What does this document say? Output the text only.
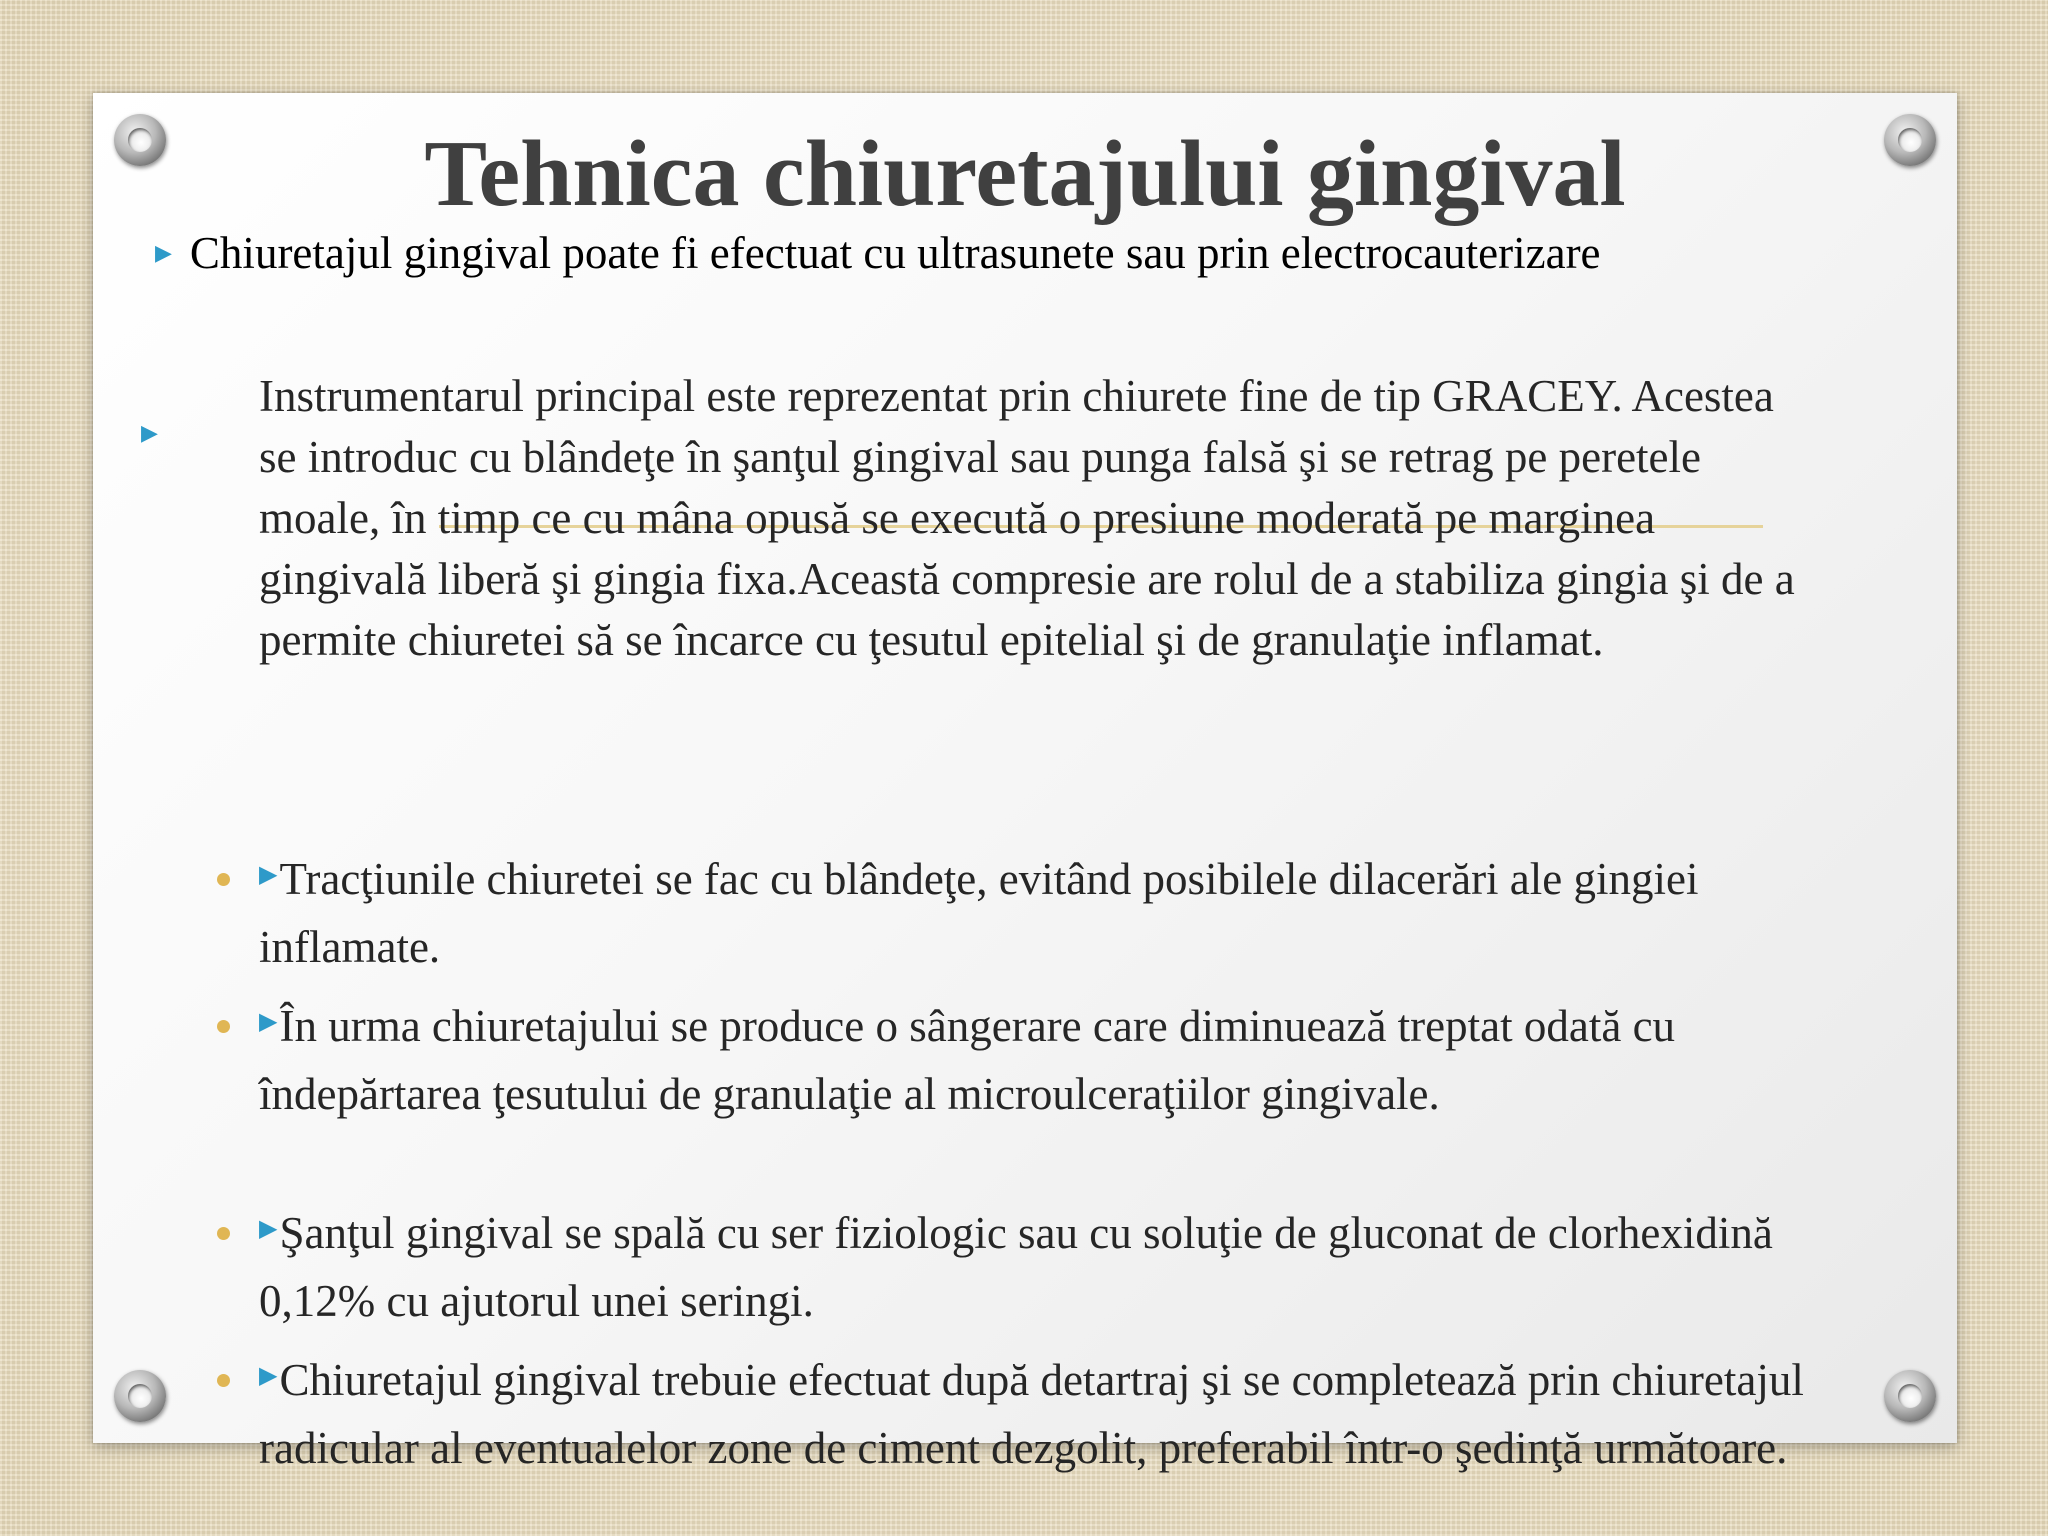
Tehnica chiuretajului gingival
▶ Chiuretajul gingival poate fi efectuat cu ultrasunete sau prin electrocauterizare
▶
Instrumentarul principal este reprezentat prin chiurete fine de tip GRACEY. Acestea se introduc cu blândeţe în şanţul gingival sau punga falsă şi se retrag pe peretele moale, în timp ce cu mâna opusă se execută o presiune moderată pe marginea gingivală liberă şi gingia fixa.Această compresie are rolul de a stabiliza gingia şi de a permite chiuretei să se încarce cu ţesutul epitelial şi de granulaţie inflamat.
▶Tracţiunile chiuretei se fac cu blândeţe, evitând posibilele dilacerări ale gingiei inflamate.
▶În urma chiuretajului se produce o sângerare care diminuează treptat odată cu îndepărtarea ţesutului de granulaţie al microulceraţiilor gingivale.
▶Şanţul gingival se spală cu ser fiziologic sau cu soluţie de gluconat de clorhexidină 0,12% cu ajutorul unei seringi.
▶Chiuretajul gingival trebuie efectuat după detartraj şi se completează prin chiuretajul radicular al eventualelor zone de ciment dezgolit, preferabil într-o şedinţă următoare.
